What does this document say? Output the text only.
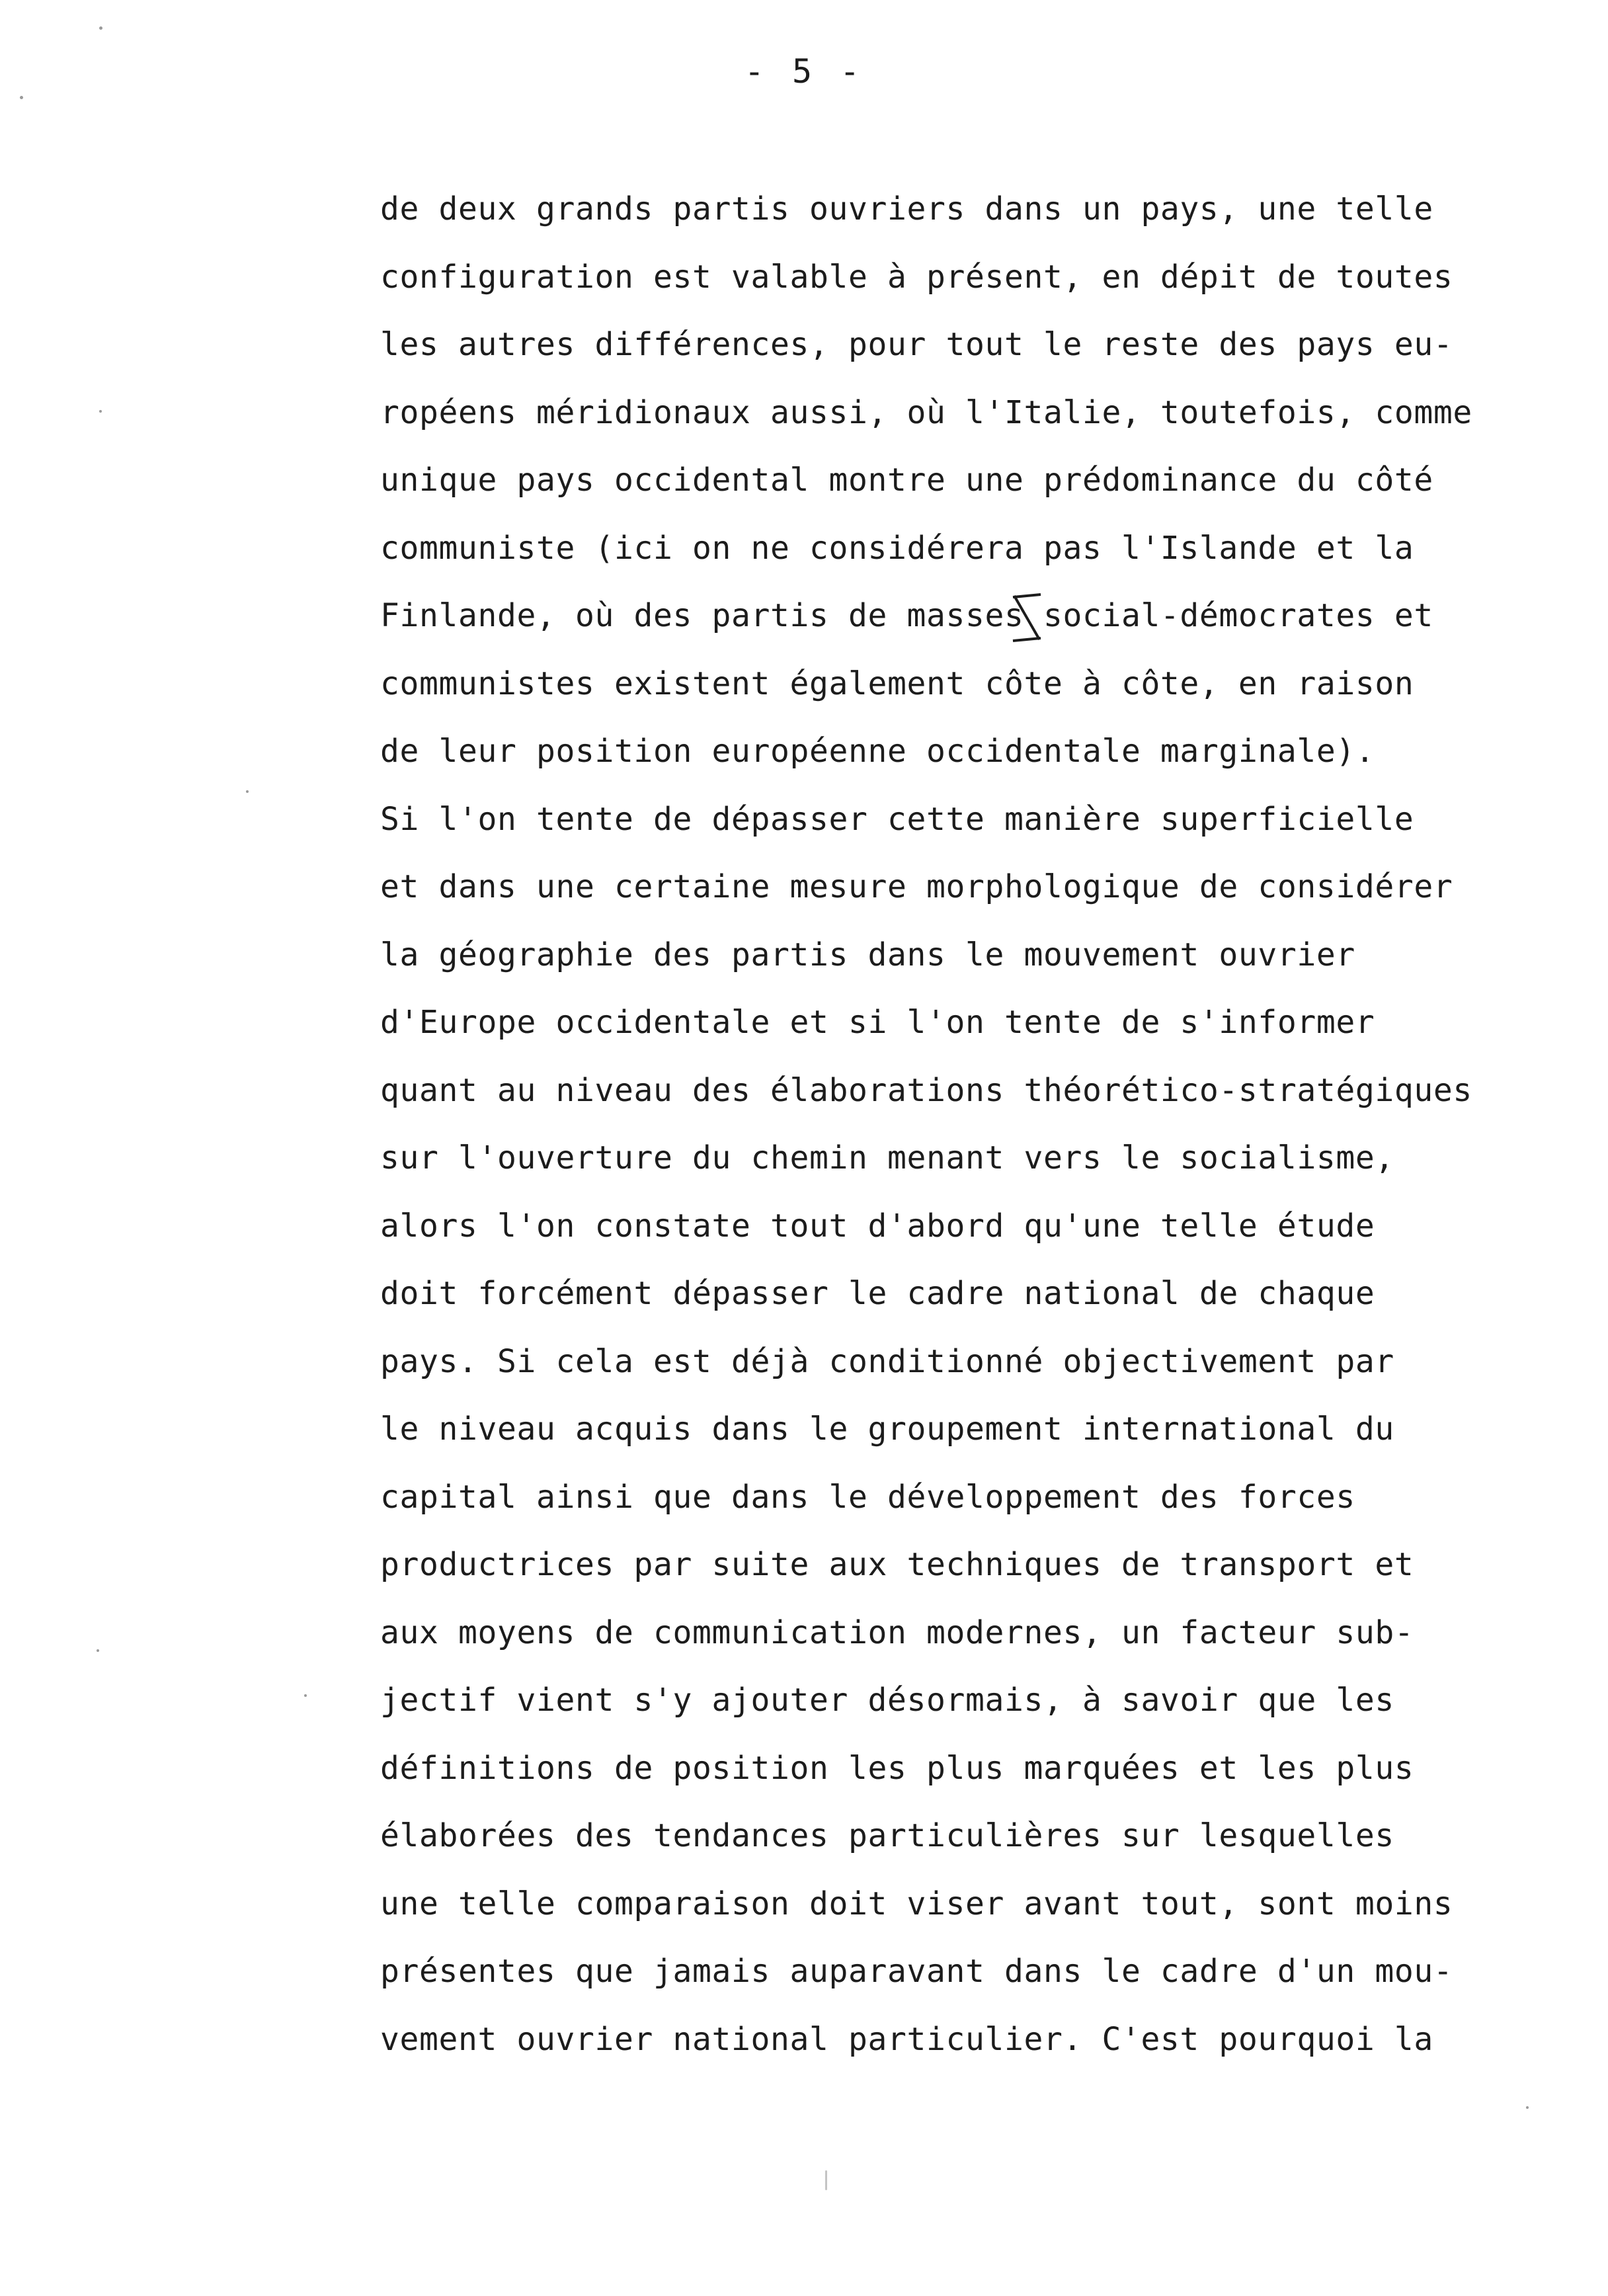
- 5 -
de deux grands partis ouvriers dans un pays, une telle
configuration est valable à présent, en dépit de toutes
les autres différences, pour tout le reste des pays eu-
ropéens méridionaux aussi, où l'Italie, toutefois, comme
unique pays occidental montre une prédominance du côté
communiste (ici on ne considérera pas l'Islande et la
Finlande, où des partis de masses social-démocrates et
communistes existent également côte à côte, en raison
de leur position européenne occidentale marginale).
Si l'on tente de dépasser cette manière superficielle
et dans une certaine mesure morphologique de considérer
la géographie des partis dans le mouvement ouvrier
d'Europe occidentale et si l'on tente de s'informer
quant au niveau des élaborations théorético-stratégiques
sur l'ouverture du chemin menant vers le socialisme,
alors l'on constate tout d'abord qu'une telle étude
doit forcément dépasser le cadre national de chaque
pays. Si cela est déjà conditionné objectivement par
le niveau acquis dans le groupement international du
capital ainsi que dans le développement des forces
productrices par suite aux techniques de transport et
aux moyens de communication modernes, un facteur sub-
jectif vient s'y ajouter désormais, à savoir que les
définitions de position les plus marquées et les plus
élaborées des tendances particulières sur lesquelles
une telle comparaison doit viser avant tout, sont moins
présentes que jamais auparavant dans le cadre d'un mou-
vement ouvrier national particulier. C'est pourquoi la
